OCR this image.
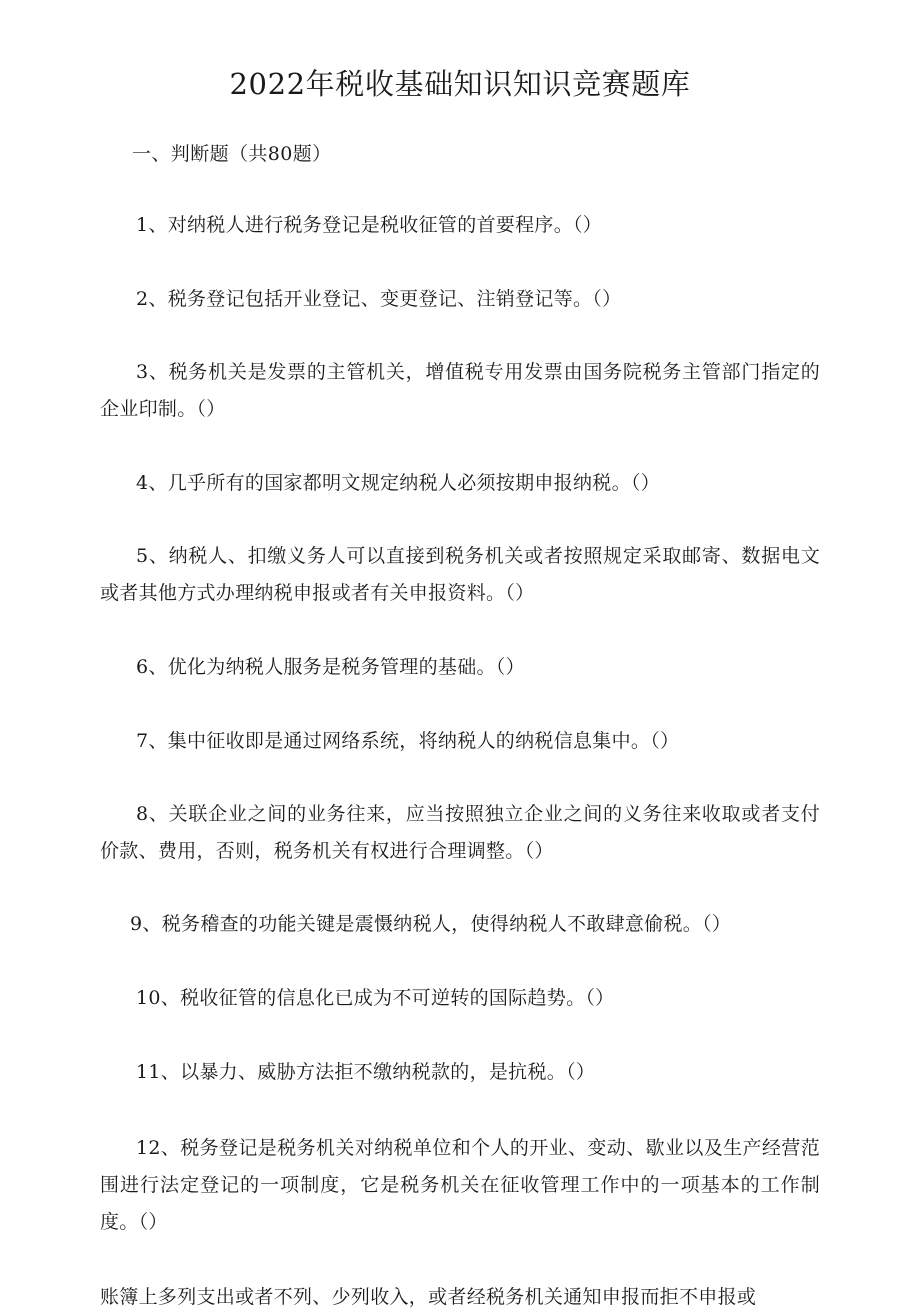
2022年税收基础知识知识竞赛题库

一、判断题（共80题）

1、对纳税人进行税务登记是税收征管的首要程序。（）

2、税务登记包括开业登记、变更登记、注销登记等。（）

3、税务机关是发票的主管机关，增值税专用发票由国务院税务主管部门指定的企业印制。（）

4、几乎所有的国家都明文规定纳税人必须按期申报纳税。（）

5、纳税人、扣缴义务人可以直接到税务机关或者按照规定采取邮寄、数据电文或者其他方式办理纳税申报或者有关申报资料。（）

6、优化为纳税人服务是税务管理的基础。（）

7、集中征收即是通过网络系统，将纳税人的纳税信息集中。（）

8、关联企业之间的业务往来，应当按照独立企业之间的义务往来收取或者支付价款、费用，否则，税务机关有权进行合理调整。（）

9、税务稽查的功能关键是震慑纳税人，使得纳税人不敢肆意偷税。（）

10、税收征管的信息化已成为不可逆转的国际趋势。（）

11、以暴力、威胁方法拒不缴纳税款的，是抗税。（）

12、税务登记是税务机关对纳税单位和个人的开业、变动、歇业以及生产经营范围进行法定登记的一项制度，它是税务机关在征收管理工作中的一项基本的工作制度。（）

账簿上多列支出或者不列、少列收入，或者经税务机关通知申报而拒不申报或
